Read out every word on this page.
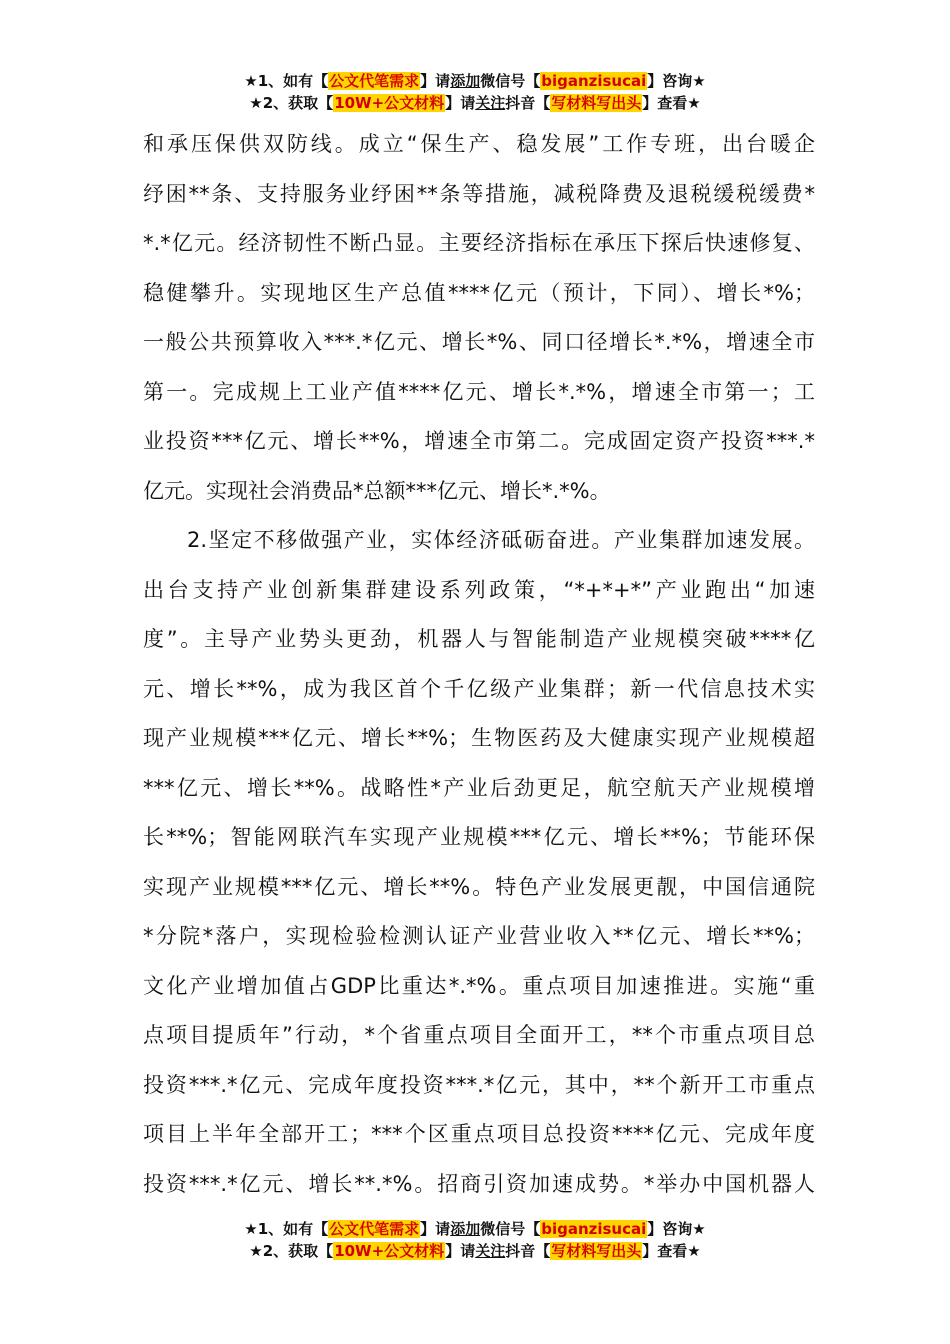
★1、如有【公文代笔需求】请添加微信号【biganzisucai】咨询★
★2、获取【10W+公文材料】请关注抖音【写材料写出头】查看★
和承压保供双防线。成立“保生产、稳发展”工作专班，出台暖企
纾困**条、支持服务业纾困**条等措施，减税降费及退税缓税缓费*
*.*亿元。经济韧性不断凸显。主要经济指标在承压下探后快速修复、
稳健攀升。实现地区生产总值****亿元（预计，下同）、增长*%；
一般公共预算收入***.*亿元、增长*%、同口径增长*.*%，增速全市
第一。完成规上工业产值****亿元、增长*.*%，增速全市第一；工
业投资***亿元、增长**%，增速全市第二。完成固定资产投资***.*
亿元。实现社会消费品*总额***亿元、增长*.*%。
2.坚定不移做强产业，实体经济砥砺奋进。产业集群加速发展。
出台支持产业创新集群建设系列政策，“*+*+*”产业跑出“加速
度”。主导产业势头更劲，机器人与智能制造产业规模突破****亿
元、增长**%，成为我区首个千亿级产业集群；新一代信息技术实
现产业规模***亿元、增长**%；生物医药及大健康实现产业规模超
***亿元、增长**%。战略性*产业后劲更足，航空航天产业规模增
长**%；智能网联汽车实现产业规模***亿元、增长**%；节能环保
实现产业规模***亿元、增长**%。特色产业发展更靓，中国信通院
*分院*落户，实现检验检测认证产业营业收入**亿元、增长**%；
文化产业增加值占GDP比重达*.*%。重点项目加速推进。实施“重
点项目提质年”行动，*个省重点项目全面开工，**个市重点项目总
投资***.*亿元、完成年度投资***.*亿元，其中，**个新开工市重点
项目上半年全部开工；***个区重点项目总投资****亿元、完成年度
投资***.*亿元、增长**.*%。招商引资加速成势。*举办中国机器人
★1、如有【公文代笔需求】请添加微信号【biganzisucai】咨询★
★2、获取【10W+公文材料】请关注抖音【写材料写出头】查看★
